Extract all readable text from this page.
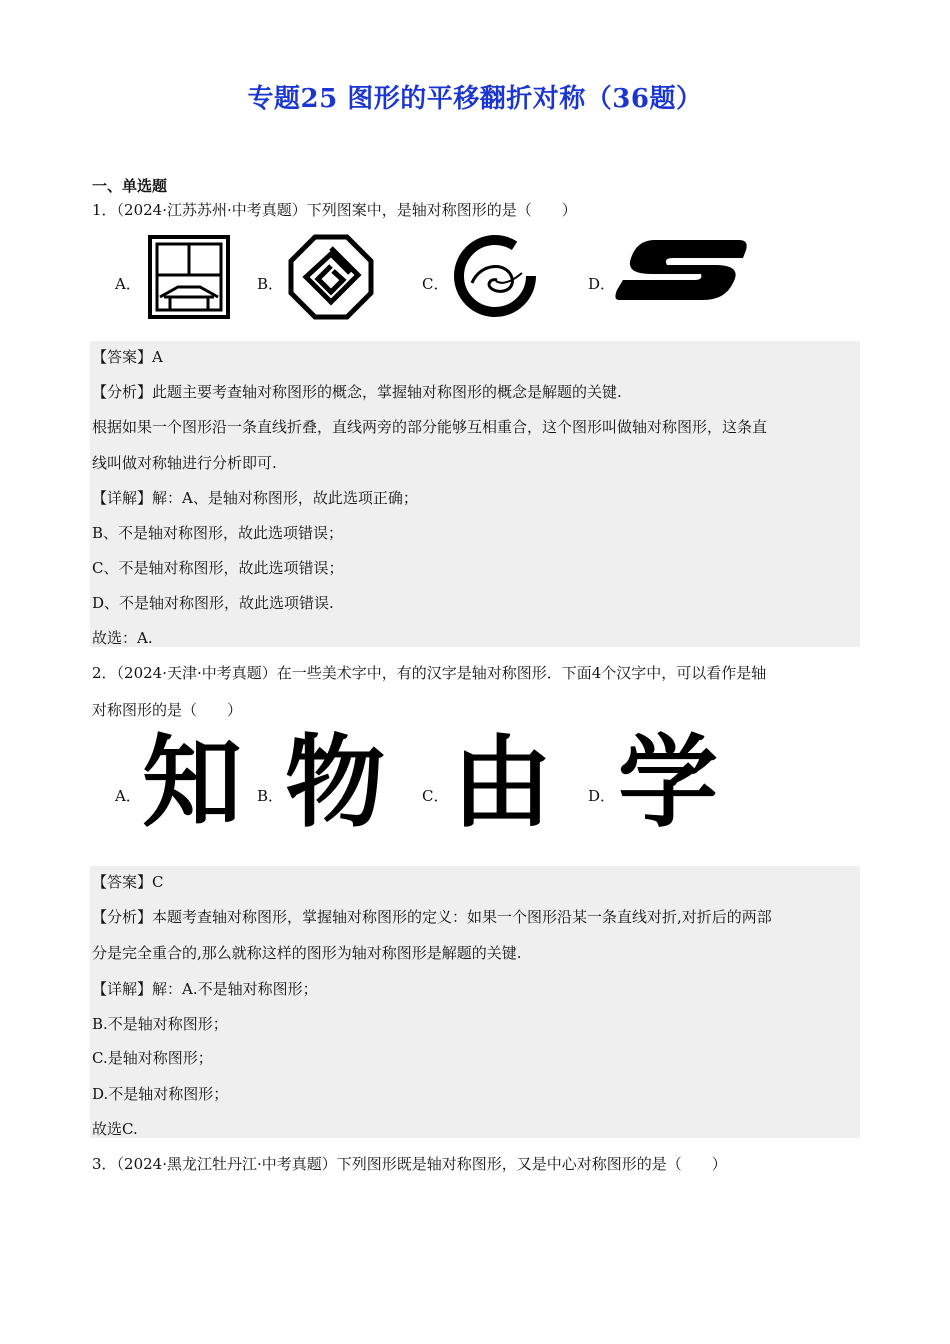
专题25 图形的平移翻折对称（36题）
一、单选题
1．（2024·江苏苏州·中考真题）下列图案中，是轴对称图形的是（　　）
A．	B．	C．	D．
【答案】A
【分析】此题主要考查轴对称图形的概念，掌握轴对称图形的概念是解题的关键.
根据如果一个图形沿一条直线折叠，直线两旁的部分能够互相重合，这个图形叫做轴对称图形，这条直
线叫做对称轴进行分析即可.
【详解】解：A、是轴对称图形，故此选项正确；
B、不是轴对称图形，故此选项错误；
C、不是轴对称图形，故此选项错误；
D、不是轴对称图形，故此选项错误.
故选：A.
2．（2024·天津·中考真题）在一些美术字中，有的汉字是轴对称图形．下面4个汉字中，可以看作是轴
对称图形的是（　　）
A． 知 B． 物 C． 由 D． 学
【答案】C
【分析】本题考查轴对称图形，掌握轴对称图形的定义：如果一个图形沿某一条直线对折,对折后的两部
分是完全重合的,那么就称这样的图形为轴对称图形是解题的关键.
【详解】解：A.不是轴对称图形；
B.不是轴对称图形；
C.是轴对称图形；
D.不是轴对称图形；
故选C.
3．（2024·黑龙江牡丹江·中考真题）下列图形既是轴对称图形，又是中心对称图形的是（　　）
